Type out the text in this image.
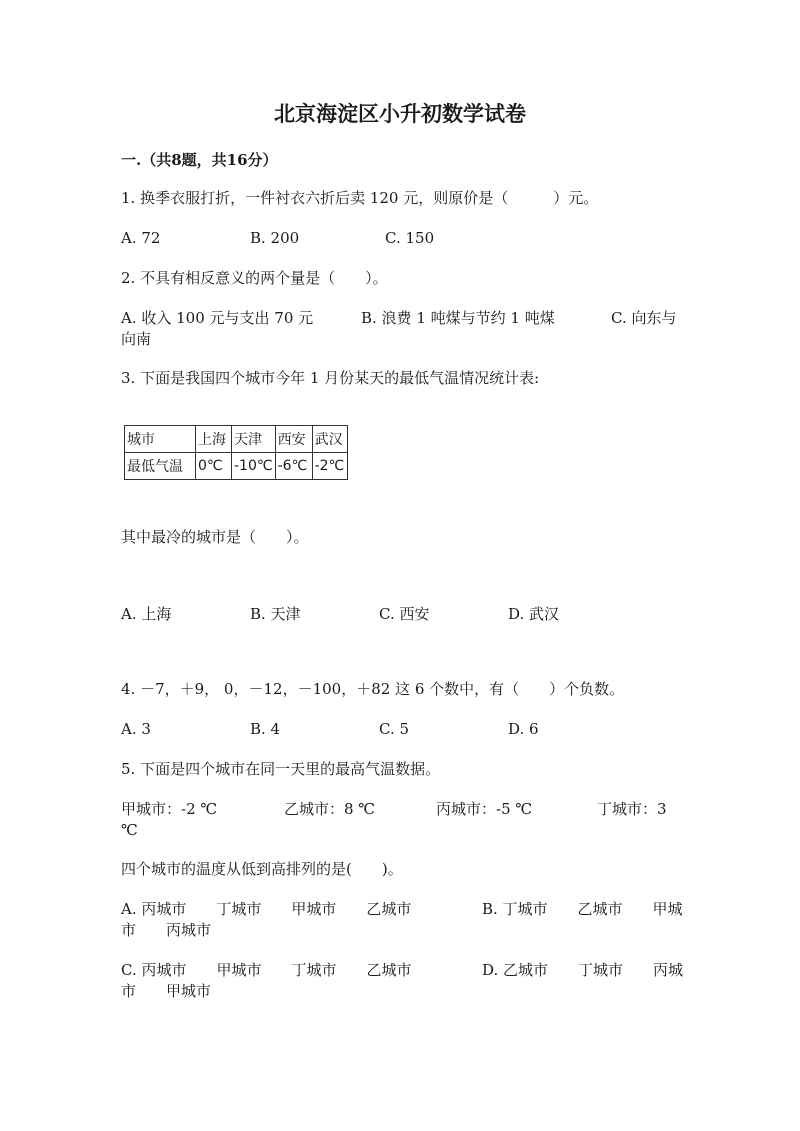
北京海淀区小升初数学试卷
一.（共8题，共16分）
1. 换季衣服打折，一件衬衣六折后卖 120 元，则原价是（　　　）元。
A. 72	B. 200	C. 150
2. 不具有相反意义的两个量是（　　）。
A. 收入 100 元与支出 70 元	B. 浪费 1 吨煤与节约 1 吨煤	C. 向东与
向南
3. 下面是我国四个城市今年 1 月份某天的最低气温情况统计表:
城市	上海	天津	西安	武汉
最低气温	0℃	-10℃	-6℃	-2℃
其中最冷的城市是（　　）。
A. 上海	B. 天津	C. 西安	D. 武汉
4. －7，＋9， 0，－12，－100，＋82 这 6 个数中，有（　　）个负数。
A. 3	B. 4	C. 5	D. 6
5. 下面是四个城市在同一天里的最高气温数据。
甲城市：-2 ℃	乙城市：8 ℃	丙城市：-5 ℃	丁城市：3
℃
四个城市的温度从低到高排列的是(　　)。
A. 丙城市　　丁城市　　甲城市　　乙城市	B. 丁城市　　乙城市　　甲城
市　　丙城市
C. 丙城市　　甲城市　　丁城市　　乙城市	D. 乙城市　　丁城市　　丙城
市　　甲城市
